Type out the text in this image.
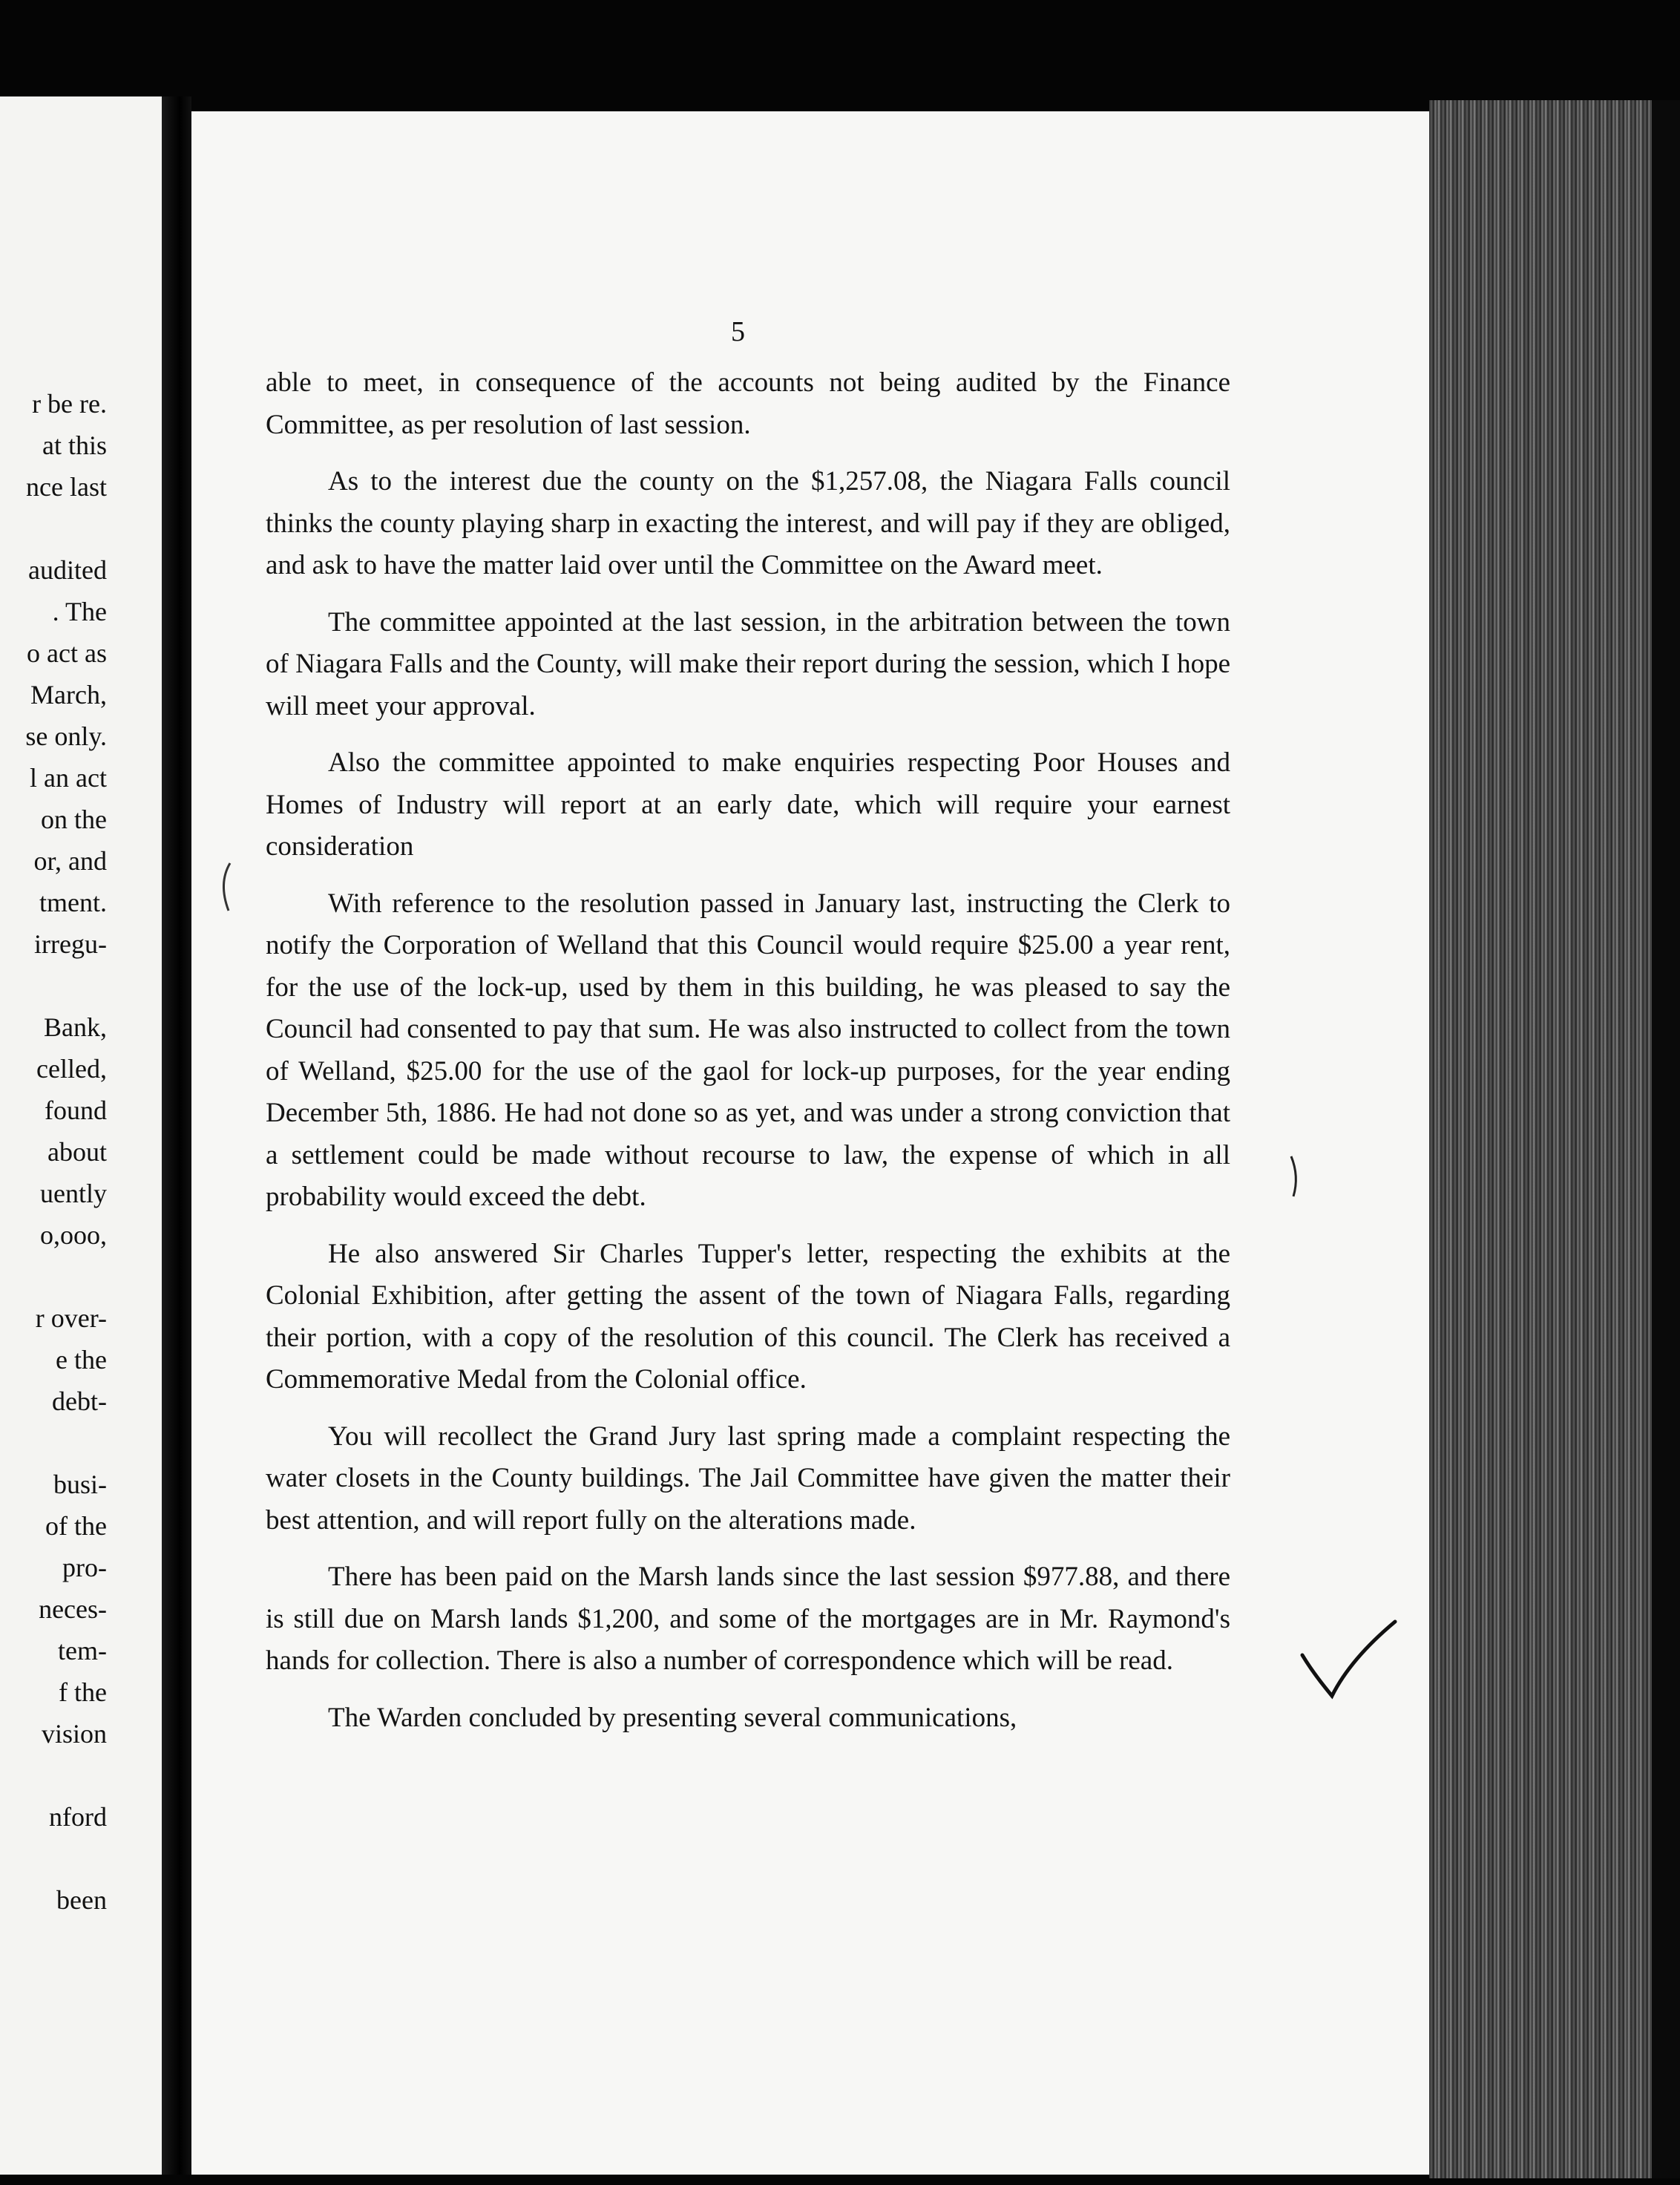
r be re.
at this
nce last
audited
. The
o act as
March,
se only.
l an act
on the
or, and
tment.
irregu-
Bank,
celled,
found
about
uently
o,ooo,
r over-
e the
debt-
busi-
of the
pro-
neces-
tem-
f the
vision
nford
been
5

able to meet, in consequence of the accounts not being audited by the Finance Committee, as per resolution of last session.

As to the interest due the county on the $1,257.08, the Niagara Falls council thinks the county playing sharp in exacting the interest, and will pay if they are obliged, and ask to have the matter laid over until the Committee on the Award meet.

The committee appointed at the last session, in the arbitration between the town of Niagara Falls and the County, will make their report during the session, which I hope will meet your approval.

Also the committee appointed to make enquiries respecting Poor Houses and Homes of Industry will report at an early date, which will require your earnest consideration

With reference to the resolution passed in January last, instructing the Clerk to notify the Corporation of Welland that this Council would require $25.00 a year rent, for the use of the lock-up, used by them in this building, he was pleased to say the Council had consented to pay that sum. He was also instructed to collect from the town of Welland, $25.00 for the use of the gaol for lock-up purposes, for the year ending December 5th, 1886. He had not done so as yet, and was under a strong conviction that a settlement could be made without recourse to law, the expense of which in all probability would exceed the debt.

He also answered Sir Charles Tupper's letter, respecting the exhibits at the Colonial Exhibition, after getting the assent of the town of Niagara Falls, regarding their portion, with a copy of the resolution of this council. The Clerk has received a Commemorative Medal from the Colonial office.

You will recollect the Grand Jury last spring made a complaint respecting the water closets in the County buildings. The Jail Committee have given the matter their best attention, and will report fully on the alterations made.

There has been paid on the Marsh lands since the last session $977.88, and there is still due on Marsh lands $1,200, and some of the mortgages are in Mr. Raymond's hands for collection. There is also a number of correspondence which will be read.

The Warden concluded by presenting several communications,
